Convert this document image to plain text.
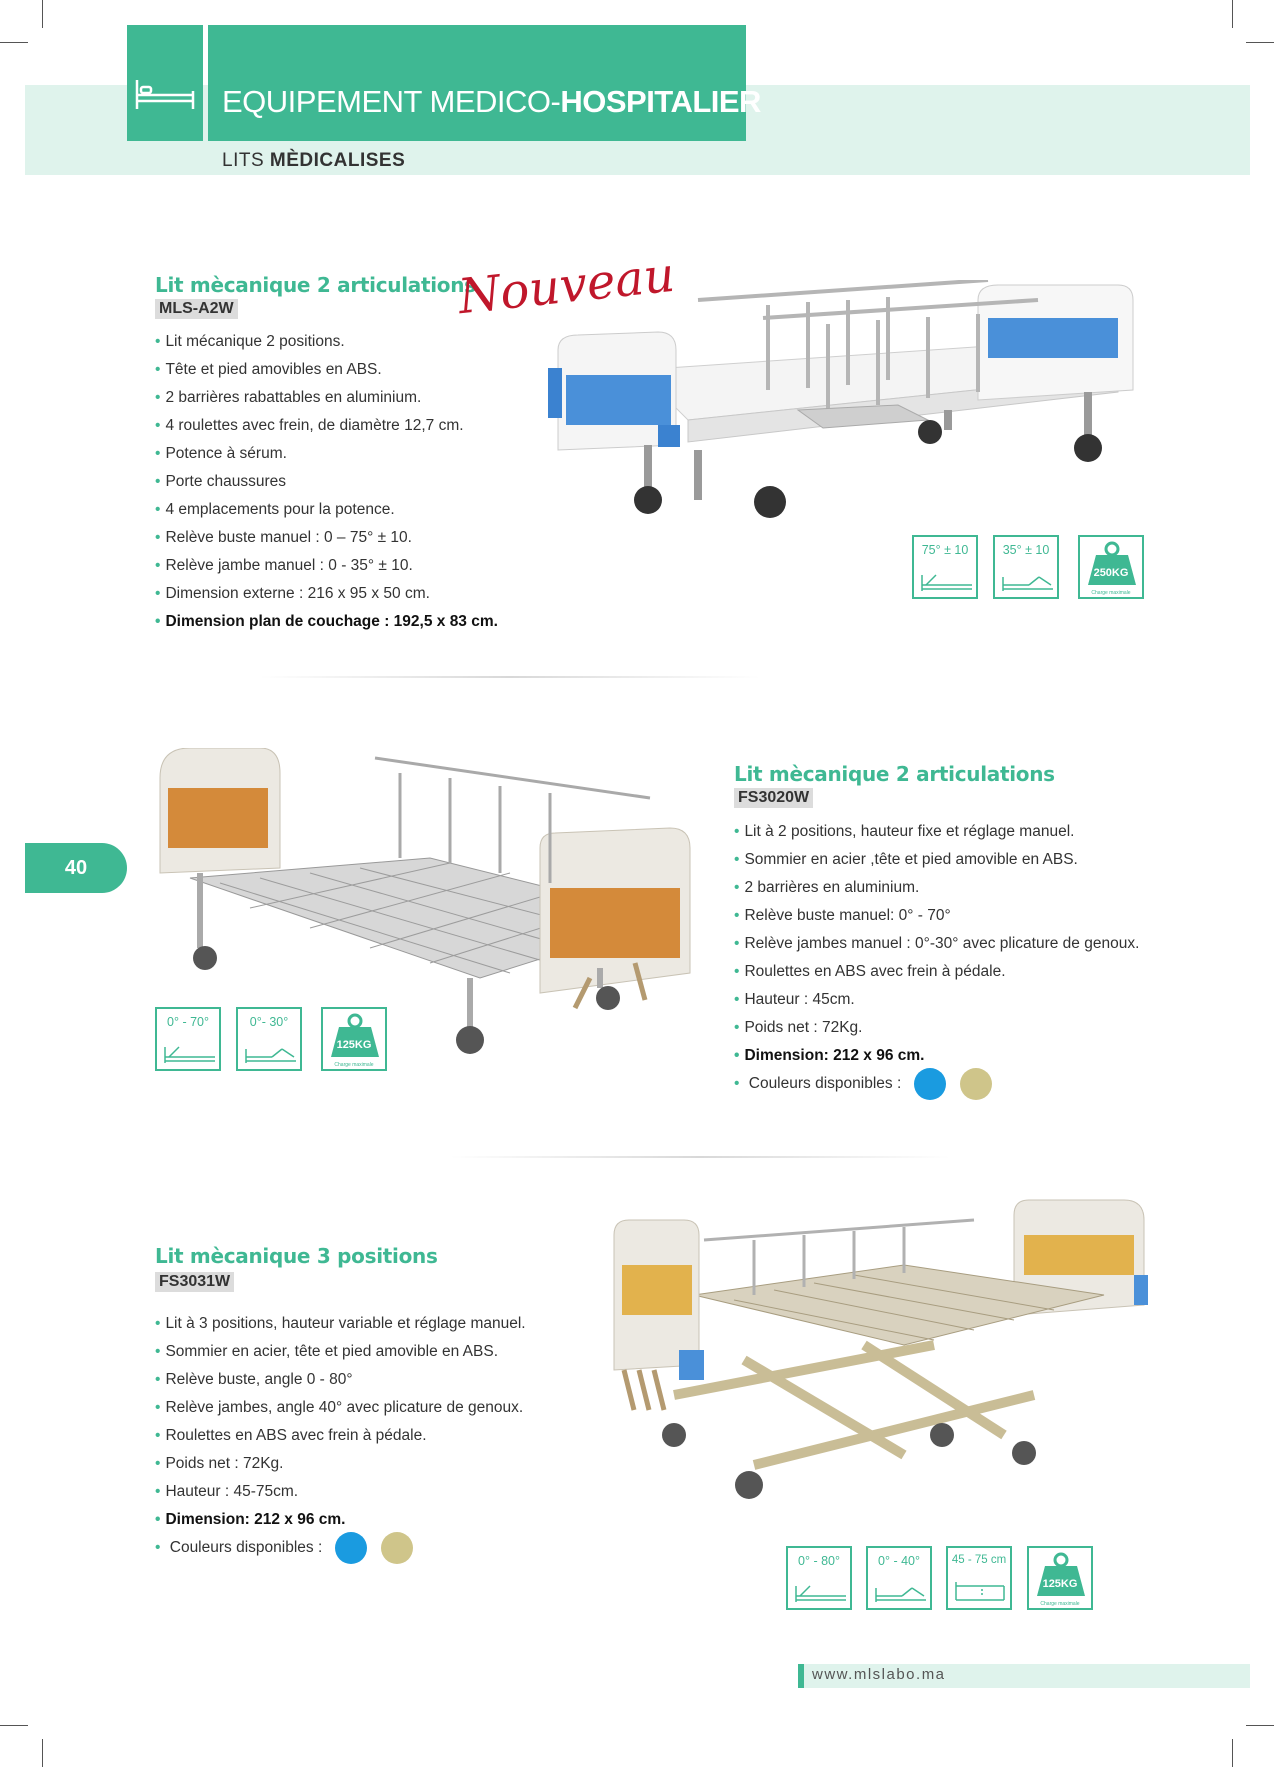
EQUIPEMENT MEDICO-HOSPITALIER
LITS MÈDICALISES
Lit mècanique 2 articulations
MLS-A2W	Nouveau
• Lit mécanique 2 positions.
• Tête et pied amovibles en ABS.
• 2 barrières rabattables en aluminium.
• 4 roulettes avec frein, de diamètre 12,7 cm.
• Potence à sérum.
• Porte chaussures
• 4 emplacements pour la potence.
• Relève buste manuel : 0 – 75° ± 10.
• Relève jambe manuel : 0 - 35° ± 10.
• Dimension externe : 216 x 95 x 50 cm.
• Dimension plan de couchage : 192,5 x 83 cm.
75° ± 10	35° ± 10
250KG
Charge maximale
40
0° - 70°	0°- 30°
125KG
Charge maximale
Lit mècanique 2 articulations
FS3020W
• Lit à 2 positions, hauteur fixe et réglage manuel.
• Sommier en acier ,tête et pied amovible en ABS.
• 2 barrières en aluminium.
• Relève buste manuel: 0° - 70°
• Relève jambes manuel : 0°-30° avec plicature de genoux.
• Roulettes en ABS avec frein à pédale.
• Hauteur : 45cm.
• Poids net : 72Kg.
• Dimension: 212 x 96 cm.
• Couleurs disponibles :
Lit mècanique 3 positions
FS3031W
• Lit à 3 positions, hauteur variable et réglage manuel.
• Sommier en acier, tête et pied amovible en ABS.
• Relève buste, angle 0 - 80°
• Relève jambes, angle 40° avec plicature de genoux.
• Roulettes en ABS avec frein à pédale.
• Poids net : 72Kg.
• Hauteur : 45-75cm.
• Dimension: 212 x 96 cm.
• Couleurs disponibles :
0° - 80°	0° - 40°	45 - 75 cm
125KG
Charge maximale
www.mlslabo.ma
